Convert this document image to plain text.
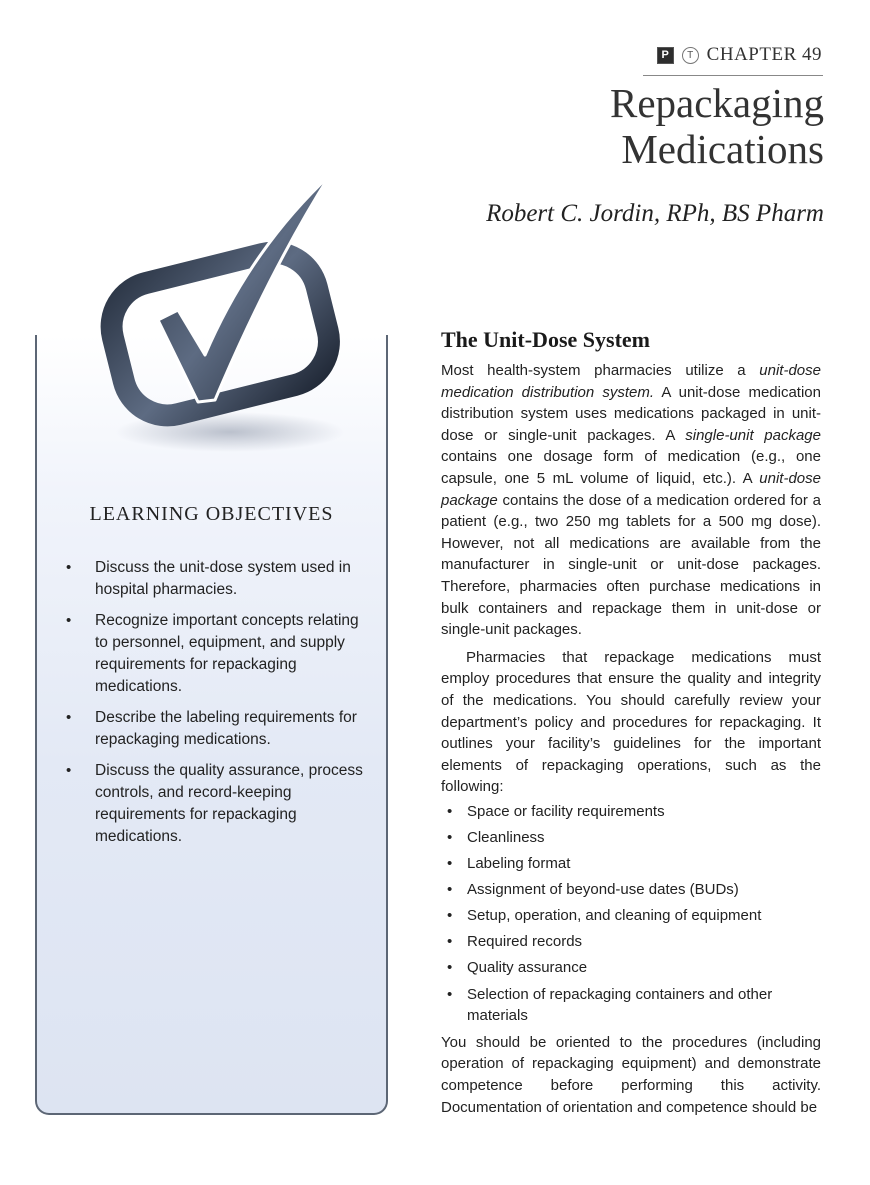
LEARNING OBJECTIVES
• Discuss the unit-dose system used in hospital pharmacies.
• Recognize important concepts relating to personnel, equipment, and supply requirements for repackaging medications.
• Describe the labeling requirements for repackaging medications.
• Discuss the quality assurance, process controls, and record-keeping requirements for repackaging medications.
P	T CHAPTER 49
Repackaging
Medications
Robert C. Jordin, RPh, BS Pharm
The Unit-Dose System

Most health-system pharmacies utilize a unit-dose medication distribution system. A unit-dose medication distribution system uses medications packaged in unit-dose or single-unit packages. A single-unit package contains one dosage form of medication (e.g., one capsule, one 5 mL volume of liquid, etc.). A unit-dose package contains the dose of a medication ordered for a patient (e.g., two 250 mg tablets for a 500 mg dose). However, not all medications are available from the manufacturer in single-unit or unit-dose packages. Therefore, pharmacies often purchase medications in bulk containers and repackage them in unit-dose or single-unit packages.

Pharmacies that repackage medications must employ procedures that ensure the quality and integrity of the medications. You should carefully review your department’s policy and procedures for repackaging. It outlines your facility’s guidelines for the important elements of repackaging operations, such as the following:

• Space or facility requirements
• Cleanliness
• Labeling format
• Assignment of beyond-use dates (BUDs)
• Setup, operation, and cleaning of equipment
• Required records
• Quality assurance
• Selection of repackaging containers and other materials

You should be oriented to the procedures (including operation of repackaging equipment) and demonstrate competence before performing this activity. Documentation of orientation and competence should be
